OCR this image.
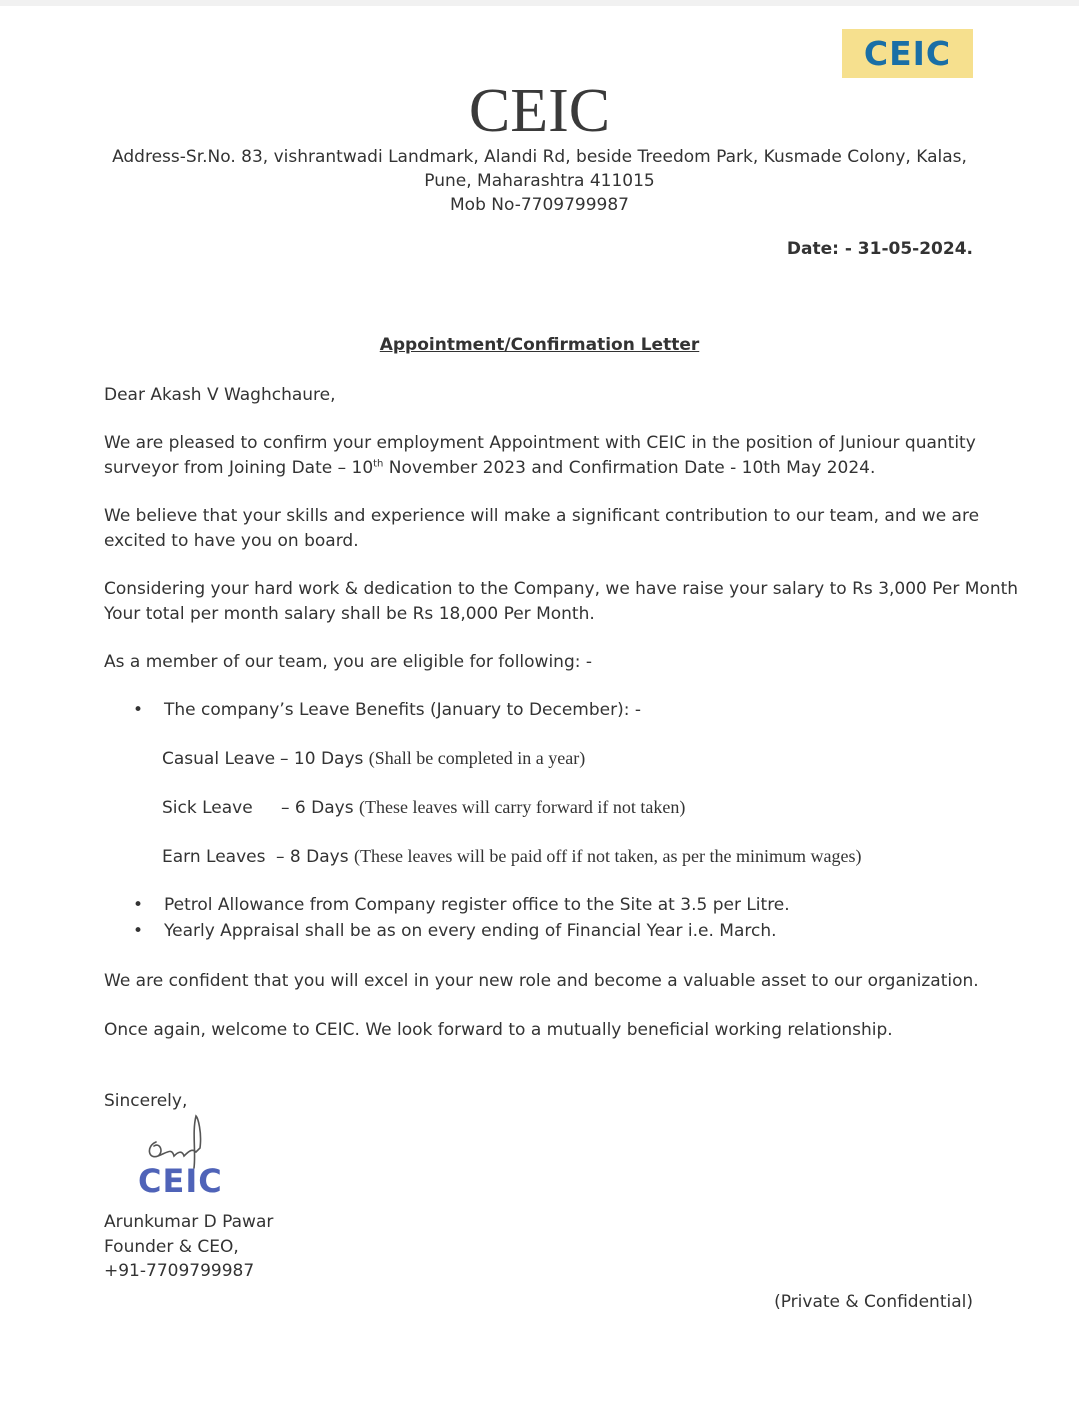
CEIC
CEIC
Address-Sr.No. 83, vishrantwadi Landmark, Alandi Rd, beside Treedom Park, Kusmade Colony, Kalas,
Pune, Maharashtra 411015
Mob No-7709799987
Date: - 31-05-2024.
Appointment/Confirmation Letter
Dear Akash V Waghchaure,
We are pleased to confirm your employment Appointment with CEIC in the position of Juniour quantity
surveyor from Joining Date – 10th November 2023 and Confirmation Date - 10th May 2024.
We believe that your skills and experience will make a significant contribution to our team, and we are
excited to have you on board.
Considering your hard work & dedication to the Company, we have raise your salary to Rs 3,000 Per Month
Your total per month salary shall be Rs 18,000 Per Month.
As a member of our team, you are eligible for following: -
• The company’s Leave Benefits (January to December): -
Casual Leave – 10 Days (Shall be completed in a year)
Sick Leave – 6 Days (These leaves will carry forward if not taken)
Earn Leaves – 8 Days (These leaves will be paid off if not taken, as per the minimum wages)
• Petrol Allowance from Company register office to the Site at 3.5 per Litre.
• Yearly Appraisal shall be as on every ending of Financial Year i.e. March.
We are confident that you will excel in your new role and become a valuable asset to our organization.
Once again, welcome to CEIC. We look forward to a mutually beneficial working relationship.
Sincerely,
CEIC
Arunkumar D Pawar
Founder & CEO,
+91-7709799987
(Private & Confidential)
